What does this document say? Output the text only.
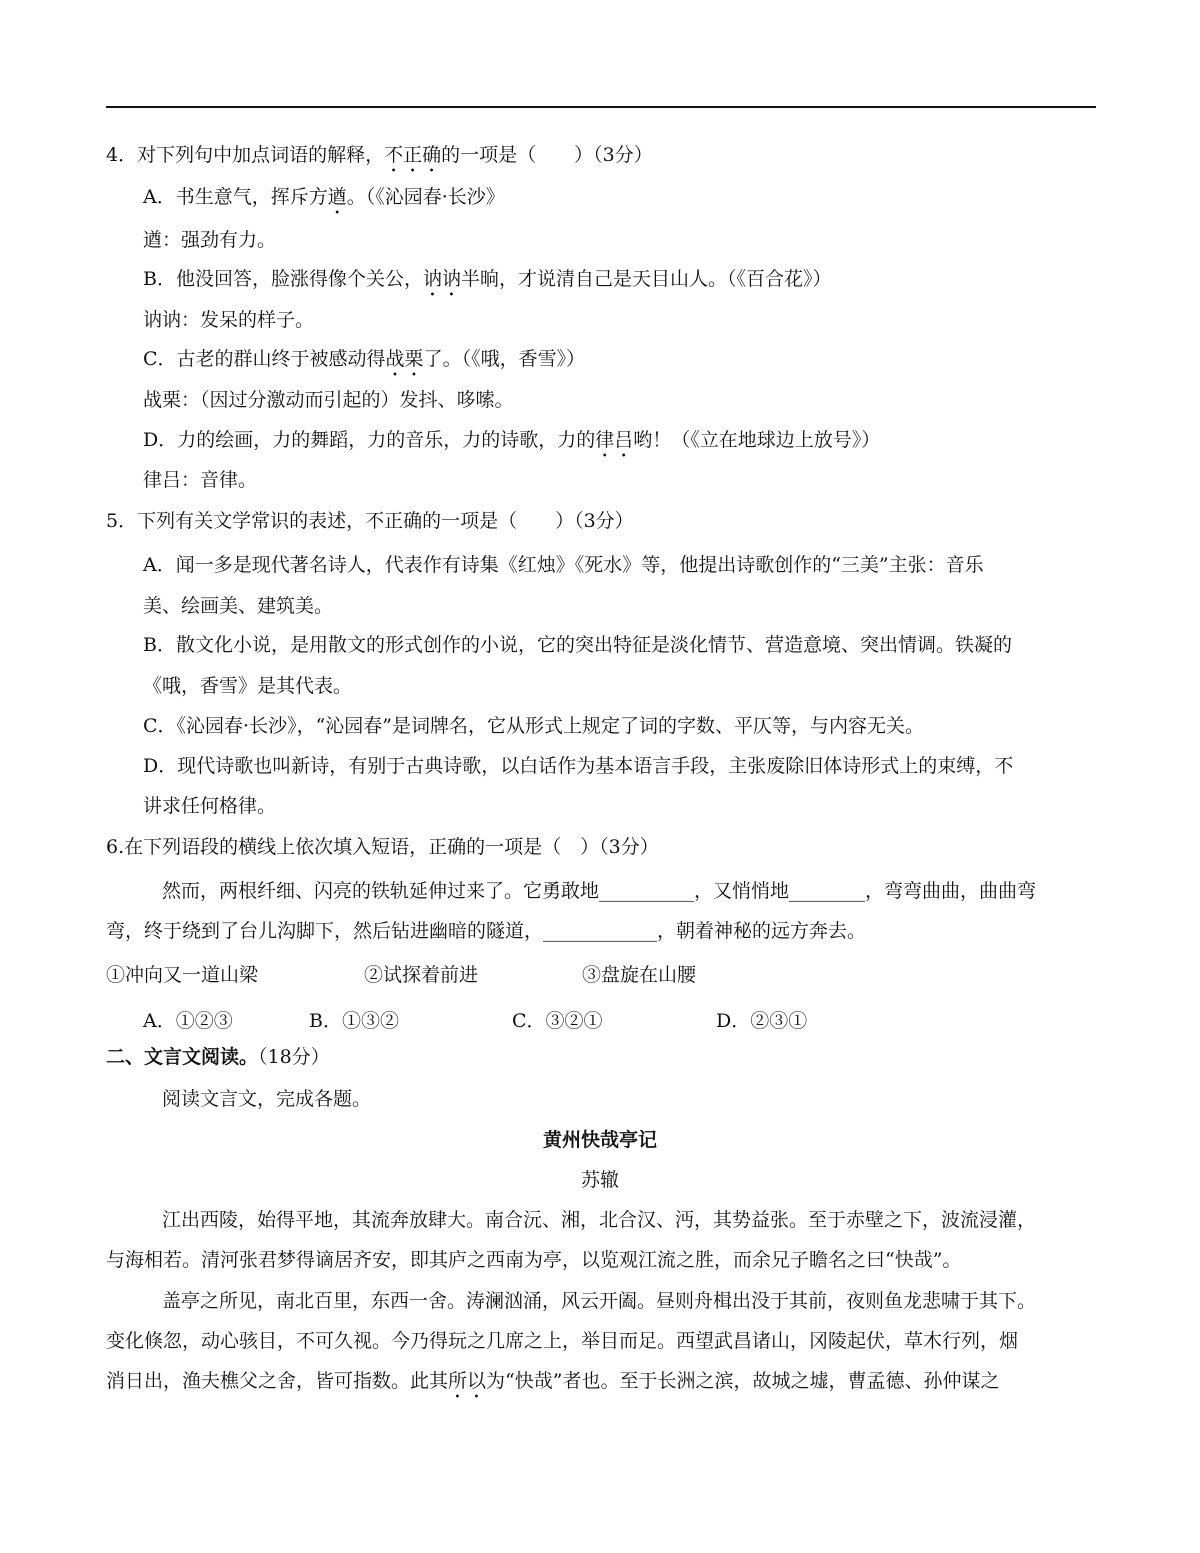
4．对下列句中加点词语的解释，不正确的一项是（　　）（3分）
A．书生意气，挥斥方遒。（《沁园春·长沙》
遒：强劲有力。
B．他没回答，脸涨得像个关公，讷讷半晌，才说清自己是天目山人。（《百合花》）
讷讷：发呆的样子。
C．古老的群山终于被感动得战栗了。（《哦，香雪》）
战栗：（因过分激动而引起的）发抖、哆嗦。
D．力的绘画，力的舞蹈，力的音乐，力的诗歌，力的律吕哟！（《立在地球边上放号》）
律吕：音律。
5．下列有关文学常识的表述，不正确的一项是（　　）（3分）
A．闻一多是现代著名诗人，代表作有诗集《红烛》《死水》等，他提出诗歌创作的“三美”主张：音乐
美、绘画美、建筑美。
B．散文化小说，是用散文的形式创作的小说，它的突出特征是淡化情节、营造意境、突出情调。铁凝的
《哦，香雪》是其代表。
C．《沁园春·长沙》，“沁园春”是词牌名，它从形式上规定了词的字数、平仄等，与内容无关。
D．现代诗歌也叫新诗，有别于古典诗歌，以白话作为基本语言手段，主张废除旧体诗形式上的束缚，不
讲求任何格律。
6.在下列语段的横线上依次填入短语，正确的一项是（　）（3分）
然而，两根纤细、闪亮的铁轨延伸过来了。它勇敢地__________，又悄悄地________，弯弯曲曲，曲曲弯
弯，终于绕到了台儿沟脚下，然后钻进幽暗的隧道，____________，朝着神秘的远方奔去。
①冲向又一道山梁	②试探着前进	③盘旋在山腰
A．①②③	B．①③②	C．③②①	D．②③①
二、文言文阅读。（18分）
阅读文言文，完成各题。
黄州快哉亭记
苏辙
江出西陵，始得平地，其流奔放肆大。南合沅、湘，北合汉、沔，其势益张。至于赤壁之下，波流浸灌，
与海相若。清河张君梦得谪居齐安，即其庐之西南为亭，以览观江流之胜，而余兄子瞻名之曰“快哉”。
盖亭之所见，南北百里，东西一舍。涛澜汹涌，风云开阖。昼则舟楫出没于其前，夜则鱼龙悲啸于其下。
变化倏忽，动心骇目，不可久视。今乃得玩之几席之上，举目而足。西望武昌诸山，冈陵起伏，草木行列，烟
消日出，渔夫樵父之舍，皆可指数。此其所以为“快哉”者也。至于长洲之滨，故城之墟，曹孟德、孙仲谋之
